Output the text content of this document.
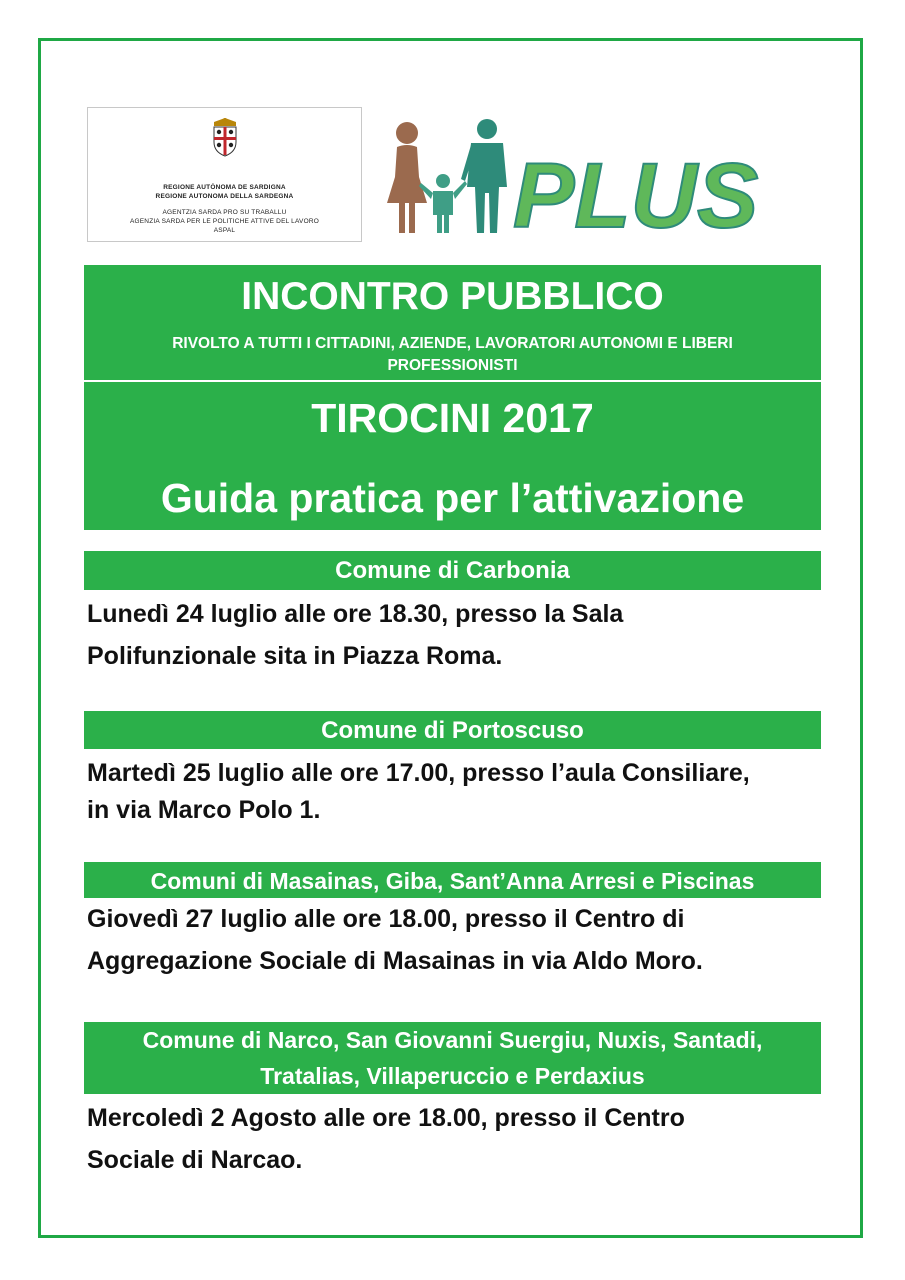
REGIONE AUTÒNOMA DE SARDIGNA
REGIONE AUTONOMA DELLA SARDEGNA
AGENTZIA SARDA PRO SU TRABALLU
AGENZIA SARDA PER LE POLITICHE ATTIVE DEL LAVORO
ASPAL	PLUS
INCONTRO PUBBLICO
RIVOLTO A TUTTI I CITTADINI, AZIENDE, LAVORATORI AUTONOMI E LIBERI
PROFESSIONISTI
TIROCINI 2017
Guida pratica per l’attivazione
Comune di Carbonia
Lunedì 24 luglio alle ore 18.30, presso la Sala
Polifunzionale sita in Piazza Roma.
Comune di Portoscuso
Martedì 25 luglio alle ore 17.00, presso l’aula Consiliare,
in via Marco Polo 1.
Comuni di Masainas, Giba, Sant’Anna Arresi e Piscinas
Giovedì 27 luglio alle ore 18.00, presso il Centro di
Aggregazione Sociale di Masainas in via Aldo Moro.
Comune di Narco, San Giovanni Suergiu, Nuxis, Santadi,
Tratalias, Villaperuccio e Perdaxius
Mercoledì 2 Agosto alle ore 18.00, presso il Centro
Sociale di Narcao.
